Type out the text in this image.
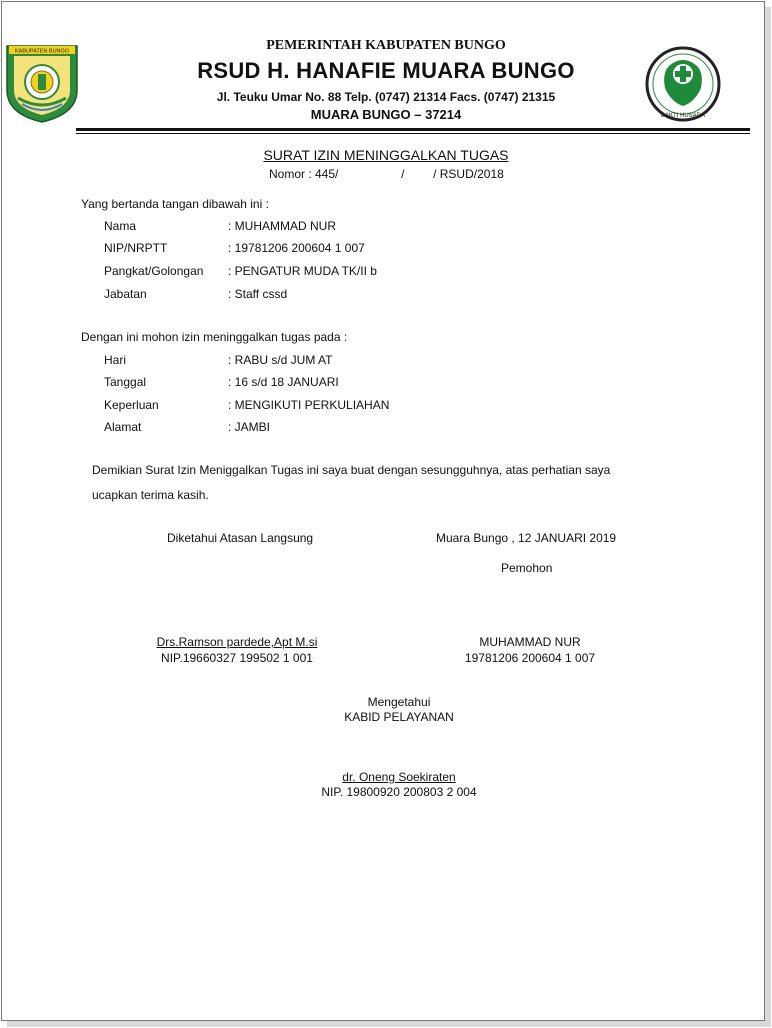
KABUPATEN BUNGO
BAKTI HUSADA
PEMERINTAH KABUPATEN BUNGO
RSUD H. HANAFIE MUARA BUNGO
Jl. Teuku Umar No. 88 Telp. (0747) 21314 Facs. (0747) 21315
MUARA BUNGO – 37214
SURAT IZIN MENINGGALKAN TUGAS
Nomor : 445/	/ / RSUD/2018
Yang bertanda tangan dibawah ini :
Nama	: MUHAMMAD NUR
NIP/NRPTT	: 19781206 200604 1 007
Pangkat/Golongan : PENGATUR MUDA TK/II b
Jabatan	: Staff cssd
Dengan ini mohon izin meninggalkan tugas pada :
Hari	: RABU s/d JUM AT
Tanggal	: 16 s/d 18 JANUARI
Keperluan	: MENGIKUTI PERKULIAHAN
Alamat	: JAMBI
Demikian Surat Izin Meniggalkan Tugas ini saya buat dengan sesungguhnya, atas perhatian saya
ucapkan terima kasih.
Diketahui Atasan Langsung	Muara Bungo , 12 JANUARI 2019
Pemohon
Drs.Ramson pardede,Apt M.si
NIP.19660327 199502 1 001
MUHAMMAD NUR
19781206 200604 1 007
Mengetahui
KABID PELAYANAN
dr. Oneng Soekiraten
NIP. 19800920 200803 2 004
